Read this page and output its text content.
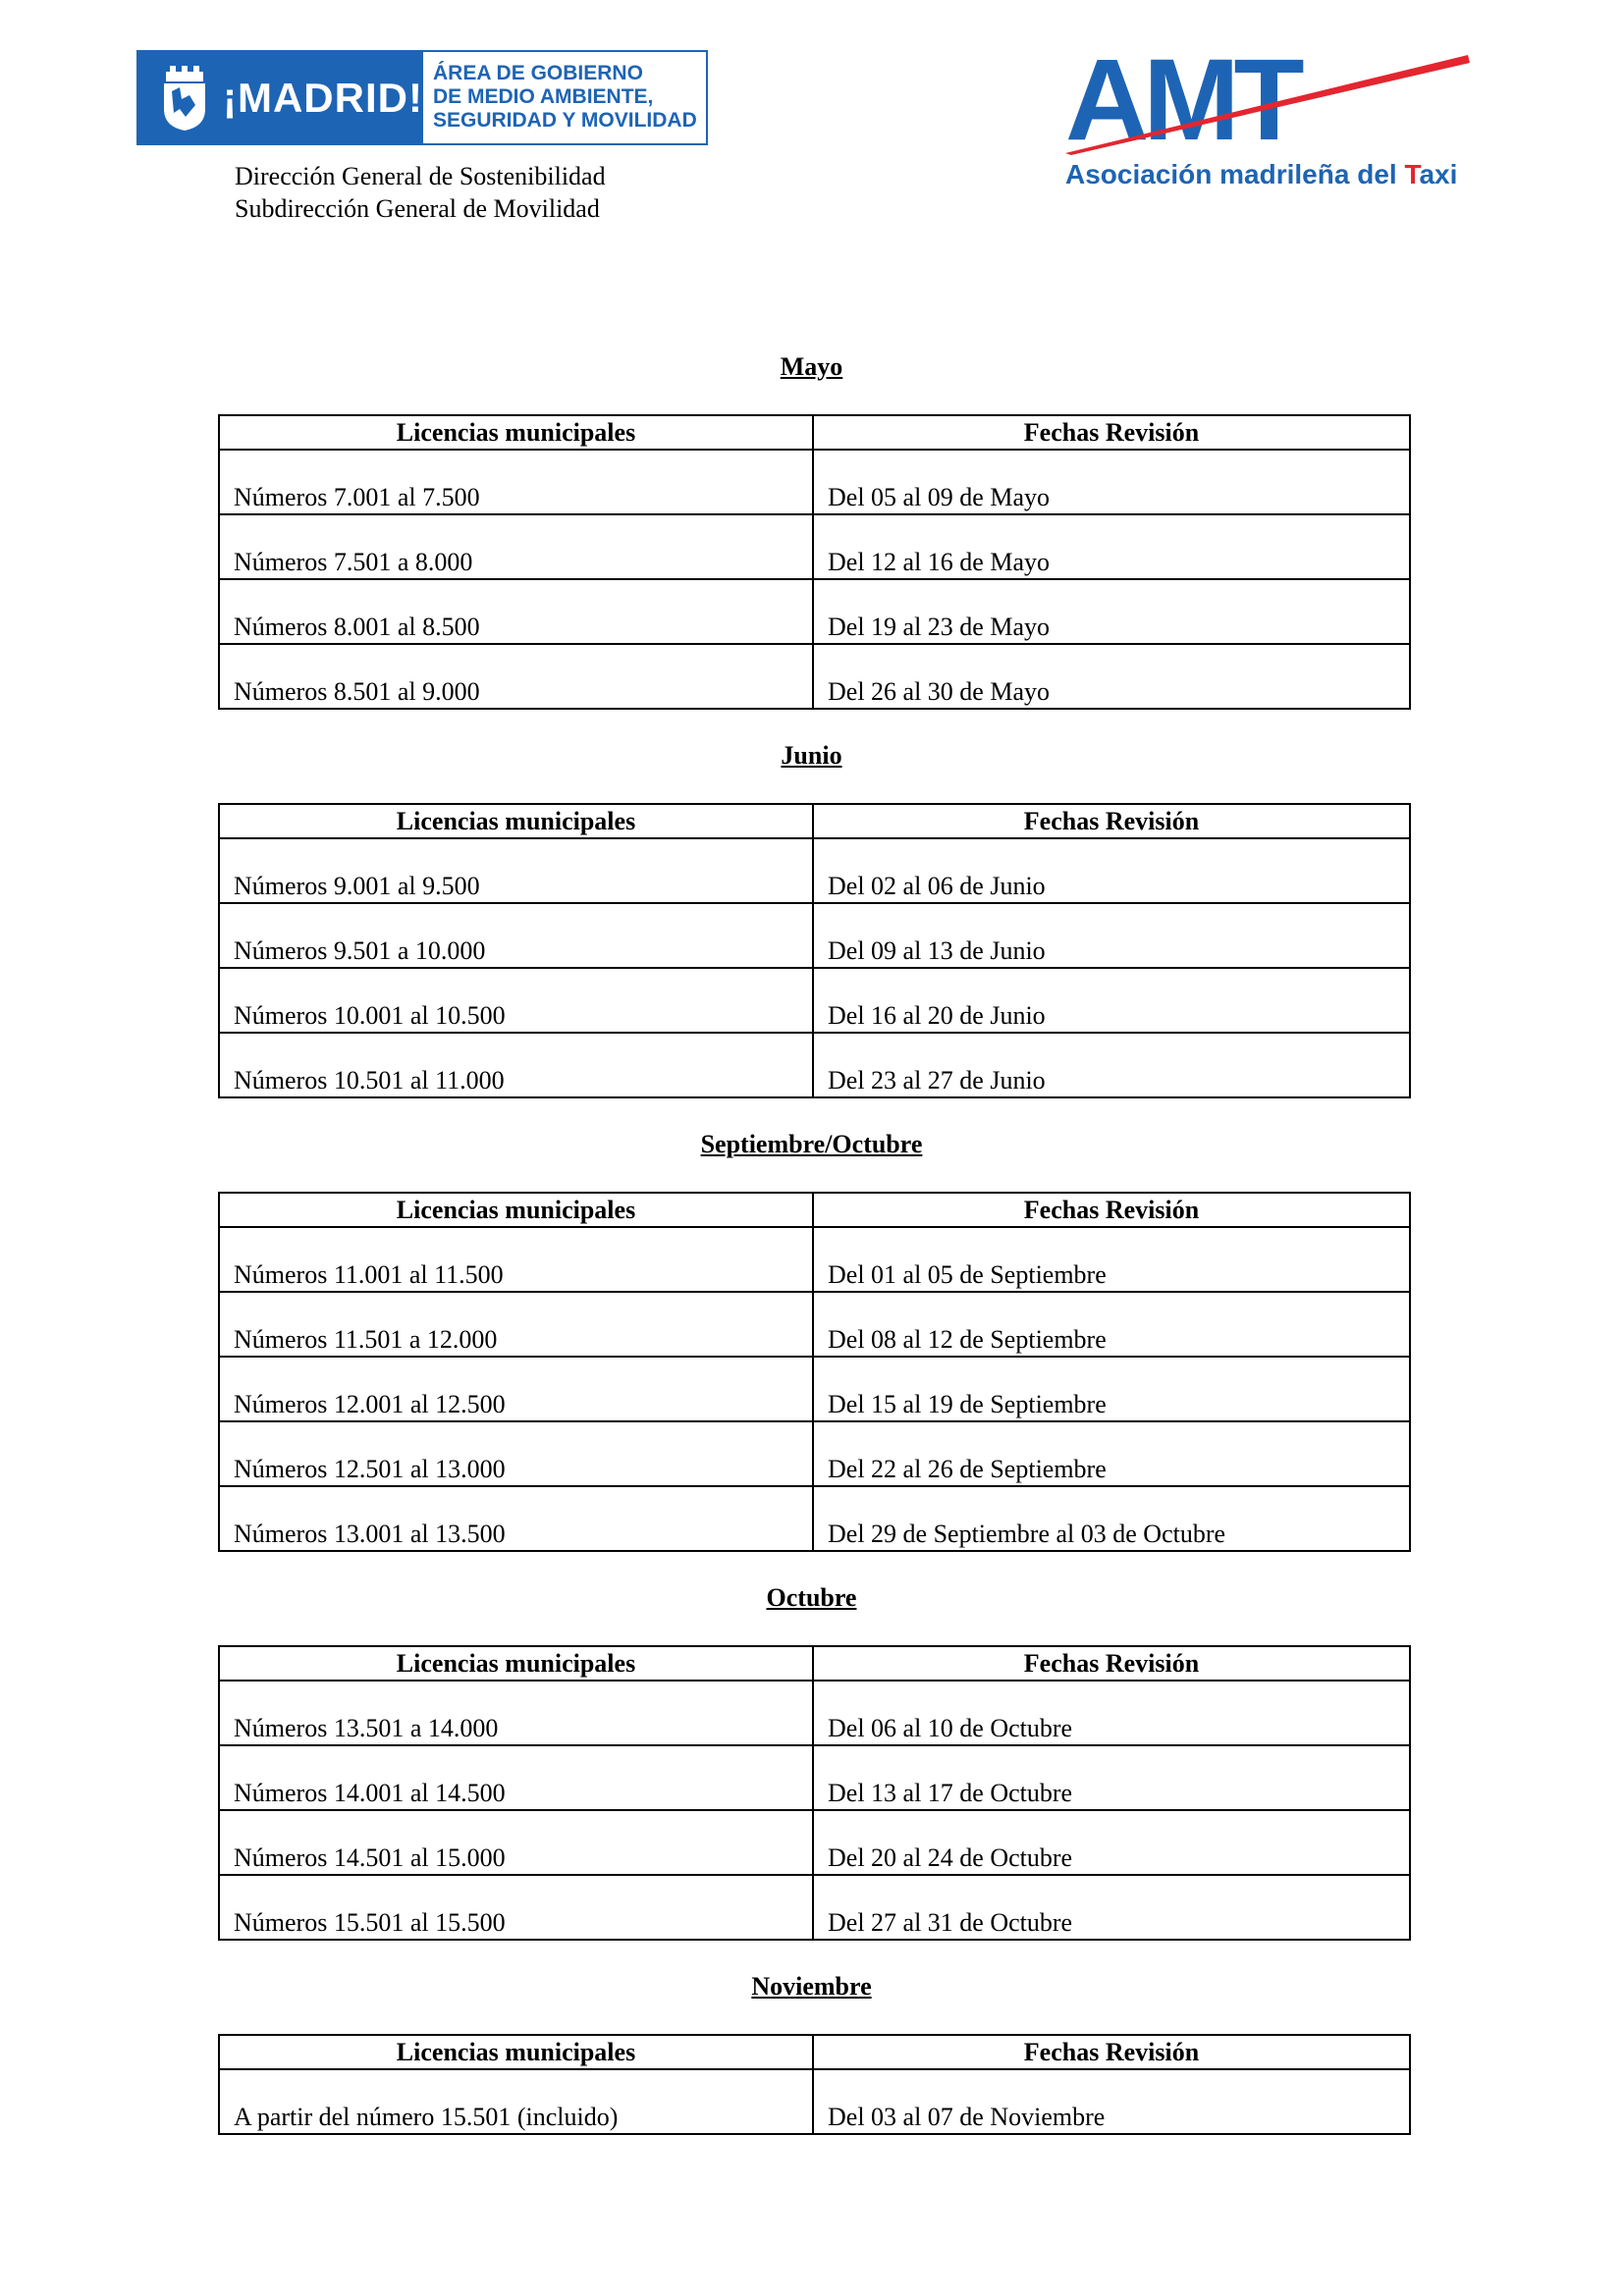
¡MADRID!
ÁREA DE GOBIERNO
DE MEDIO AMBIENTE,
SEGURIDAD Y MOVILIDAD
Dirección General de Sostenibilidad
Subdirección General de Movilidad
AMT
Asociación madrileña del Taxi
Mayo
Licencias municipales	Fechas Revisión
Números 7.001 al 7.500	Del 05 al 09 de Mayo
Números 7.501 a 8.000	Del 12 al 16 de Mayo
Números 8.001 al 8.500	Del 19 al 23 de Mayo
Números 8.501 al 9.000	Del 26 al 30 de Mayo
Junio
Licencias municipales	Fechas Revisión
Números 9.001 al 9.500	Del 02 al 06 de Junio
Números 9.501 a 10.000	Del 09 al 13 de Junio
Números 10.001 al 10.500	Del 16 al 20 de Junio
Números 10.501 al 11.000	Del 23 al 27 de Junio
Septiembre/Octubre
Licencias municipales	Fechas Revisión
Números 11.001 al 11.500	Del 01 al 05 de Septiembre
Números 11.501 a 12.000	Del 08 al 12 de Septiembre
Números 12.001 al 12.500	Del 15 al 19 de Septiembre
Números 12.501 al 13.000	Del 22 al 26 de Septiembre
Números 13.001 al 13.500	Del 29 de Septiembre al 03 de Octubre
Octubre
Licencias municipales	Fechas Revisión
Números 13.501 a 14.000	Del 06 al 10 de Octubre
Números 14.001 al 14.500	Del 13 al 17 de Octubre
Números 14.501 al 15.000	Del 20 al 24 de Octubre
Números 15.501 al 15.500	Del 27 al 31 de Octubre
Noviembre
Licencias municipales	Fechas Revisión
A partir del número 15.501 (incluido)	Del 03 al 07 de Noviembre
